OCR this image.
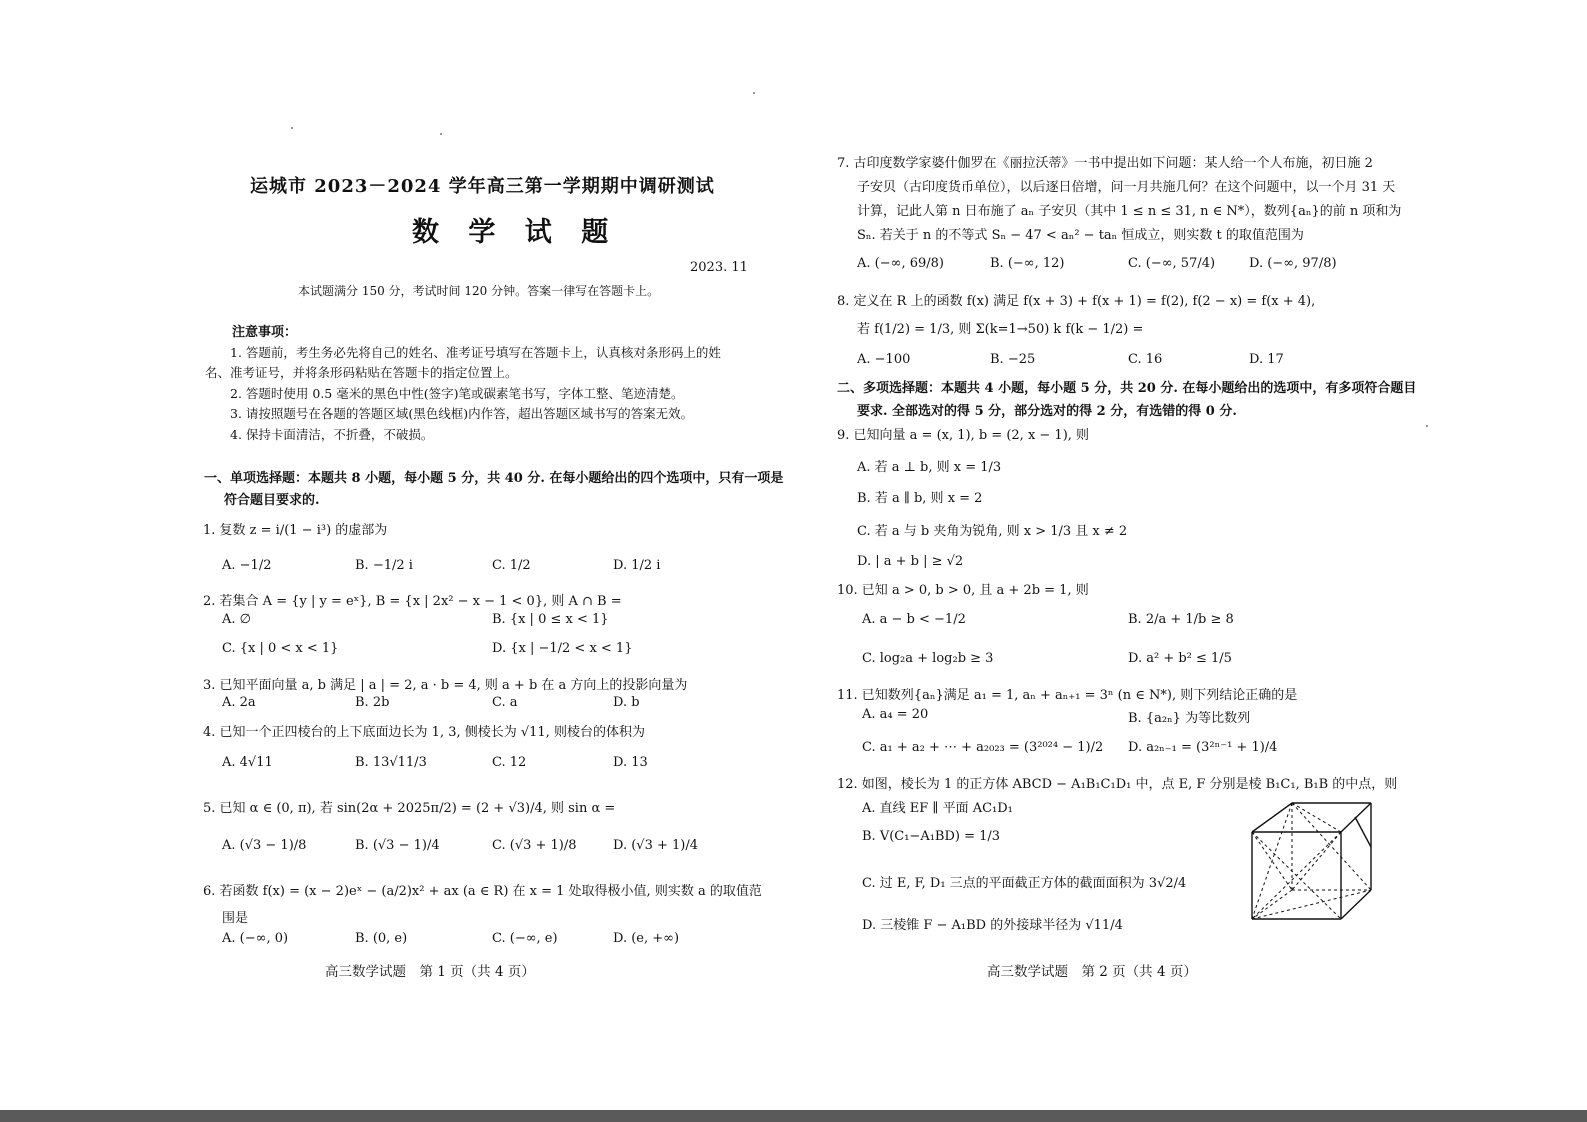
运城市 2023－2024 学年高三第一学期期中调研测试
数 学 试 题
2023. 11
本试题满分 150 分，考试时间 120 分钟。答案一律写在答题卡上。
注意事项：
1. 答题前，考生务必先将自己的姓名、准考证号填写在答题卡上，认真核对条形码上的姓
名、准考证号，并将条形码粘贴在答题卡的指定位置上。
2. 答题时使用 0.5 毫米的黑色中性(签字)笔或碳素笔书写，字体工整、笔迹清楚。
3. 请按照题号在各题的答题区域(黑色线框)内作答，超出答题区域书写的答案无效。
4. 保持卡面清洁，不折叠，不破损。
一、单项选择题：本题共 8 小题，每小题 5 分，共 40 分. 在每小题给出的四个选项中，只有一项是
符合题目要求的.
1. 复数 z = i/(1 − i³) 的虚部为
A. −1/2	B. −1/2 i	C. 1/2	D. 1/2 i
2. 若集合 A = {y | y = eˣ}, B = {x | 2x² − x − 1 < 0}, 则 A ∩ B =
A. ∅	B. {x | 0 ≤ x < 1}
C. {x | 0 < x < 1}	D. {x | −1/2 < x < 1}
3. 已知平面向量 a, b 满足 | a | = 2, a · b = 4, 则 a + b 在 a 方向上的投影向量为
A. 2a	B. 2b	C. a	D. b
4. 已知一个正四棱台的上下底面边长为 1, 3, 侧棱长为 √11, 则棱台的体积为
A. 4√11	B. 13√11/3	C. 12	D. 13
5. 已知 α ∈ (0, π), 若 sin(2α + 2025π/2) = (2 + √3)/4, 则 sin α =
A. (√3 − 1)/8	B. (√3 − 1)/4	C. (√3 + 1)/8	D. (√3 + 1)/4
6. 若函数 f(x) = (x − 2)eˣ − (a/2)x² + ax (a ∈ R) 在 x = 1 处取得极小值, 则实数 a 的取值范
围是
A. (−∞, 0)	B. (0, e)	C. (−∞, e)	D. (e, +∞)
高三数学试题　第 1 页（共 4 页）
7. 古印度数学家婆什伽罗在《丽拉沃蒂》一书中提出如下问题：某人给一个人布施，初日施 2
子安贝（古印度货币单位），以后逐日倍增，问一月共施几何？在这个问题中，以一个月 31 天
计算，记此人第 n 日布施了 aₙ 子安贝（其中 1 ≤ n ≤ 31, n ∈ N*），数列{aₙ}的前 n 项和为
Sₙ. 若关于 n 的不等式 Sₙ − 47 < aₙ² − taₙ 恒成立，则实数 t 的取值范围为
A. (−∞, 69/8)	B. (−∞, 12)	C. (−∞, 57/4)	D. (−∞, 97/8)
8. 定义在 R 上的函数 f(x) 满足 f(x + 3) + f(x + 1) = f(2), f(2 − x) = f(x + 4),
若 f(1/2) = 1/3, 则 Σ(k=1→50) k f(k − 1/2) =
A. −100	B. −25	C. 16	D. 17
二、多项选择题：本题共 4 小题，每小题 5 分，共 20 分. 在每小题给出的选项中，有多项符合题目
要求. 全部选对的得 5 分，部分选对的得 2 分，有选错的得 0 分.
9. 已知向量 a = (x, 1), b = (2, x − 1), 则
A. 若 a ⊥ b, 则 x = 1/3
B. 若 a ∥ b, 则 x = 2
C. 若 a 与 b 夹角为锐角, 则 x > 1/3 且 x ≠ 2
D. | a + b | ≥ √2
10. 已知 a > 0, b > 0, 且 a + 2b = 1, 则
A. a − b < −1/2	B. 2/a + 1/b ≥ 8
C. log₂a + log₂b ≥ 3	D. a² + b² ≤ 1/5
11. 已知数列{aₙ}满足 a₁ = 1, aₙ + aₙ₊₁ = 3ⁿ (n ∈ N*), 则下列结论正确的是
A. a₄ = 20	B. {a₂ₙ} 为等比数列
C. a₁ + a₂ + ⋯ + a₂₀₂₃ = (3²⁰²⁴ − 1)/2 D. a₂ₙ₋₁ = (3²ⁿ⁻¹ + 1)/4
12. 如图，棱长为 1 的正方体 ABCD − A₁B₁C₁D₁ 中，点 E, F 分别是棱 B₁C₁, B₁B 的中点，则
A. 直线 EF ∥ 平面 AC₁D₁
B. V(C₁−A₁BD) = 1/3
C. 过 E, F, D₁ 三点的平面截正方体的截面面积为 3√2/4
D. 三棱锥 F − A₁BD 的外接球半径为 √11/4
高三数学试题　第 2 页（共 4 页）
